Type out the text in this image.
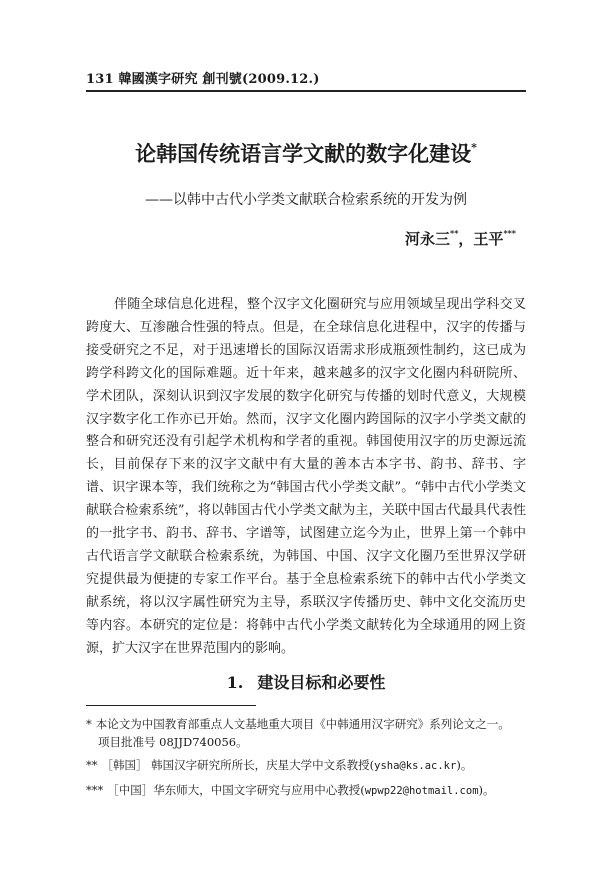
131 韓國漢字研究 創刊號(2009.12.)
论韩国传统语言学文献的数字化建设*
——以韩中古代小学类文献联合检索系统的开发为例
河永三**，王平***

伴随全球信息化进程，整个汉字文化圈研究与应用领域呈现出学科交叉跨度大、互渗融合性强的特点。但是，在全球信息化进程中，汉字的传播与接受研究之不足，对于迅速增长的国际汉语需求形成瓶颈性制约，这已成为跨学科跨文化的国际难题。近十年来，越来越多的汉字文化圈内科研院所、学术团队，深刻认识到汉字发展的数字化研究与传播的划时代意义，大规模汉字数字化工作亦已开始。然而，汉字文化圈内跨国际的汉字小学类文献的整合和研究还没有引起学术机构和学者的重视。韩国使用汉字的历史源远流长，目前保存下来的汉字文献中有大量的善本古本字书、韵书、辞书、字谱、识字课本等，我们统称之为“韩国古代小学类文献”。“韩中古代小学类文献联合检索系统”，将以韩国古代小学类文献为主，关联中国古代最具代表性的一批字书、韵书、辞书、字谱等，试图建立迄今为止，世界上第一个韩中古代语言学文献联合检索系统，为韩国、中国、汉字文化圈乃至世界汉学研究提供最为便捷的专家工作平台。基于全息检索系统下的韩中古代小学类文献系统，将以汉字属性研究为主导，系联汉字传播历史、韩中文化交流历史等内容。本研究的定位是：将韩中古代小学类文献转化为全球通用的网上资源，扩大汉字在世界范围内的影响。

1. 建设目标和必要性

* 本论文为中国教育部重点人文基地重大项目《中韩通用汉字研究》系列论文之一。
项目批准号 08JJD740056。

** ［韩国］ 韩国汉字研究所所长，庆星大学中文系教授(ysha@ks.ac.kr)。

*** ［中国］华东师大，中国文字研究与应用中心教授(wpwp22@hotmail.com)。
